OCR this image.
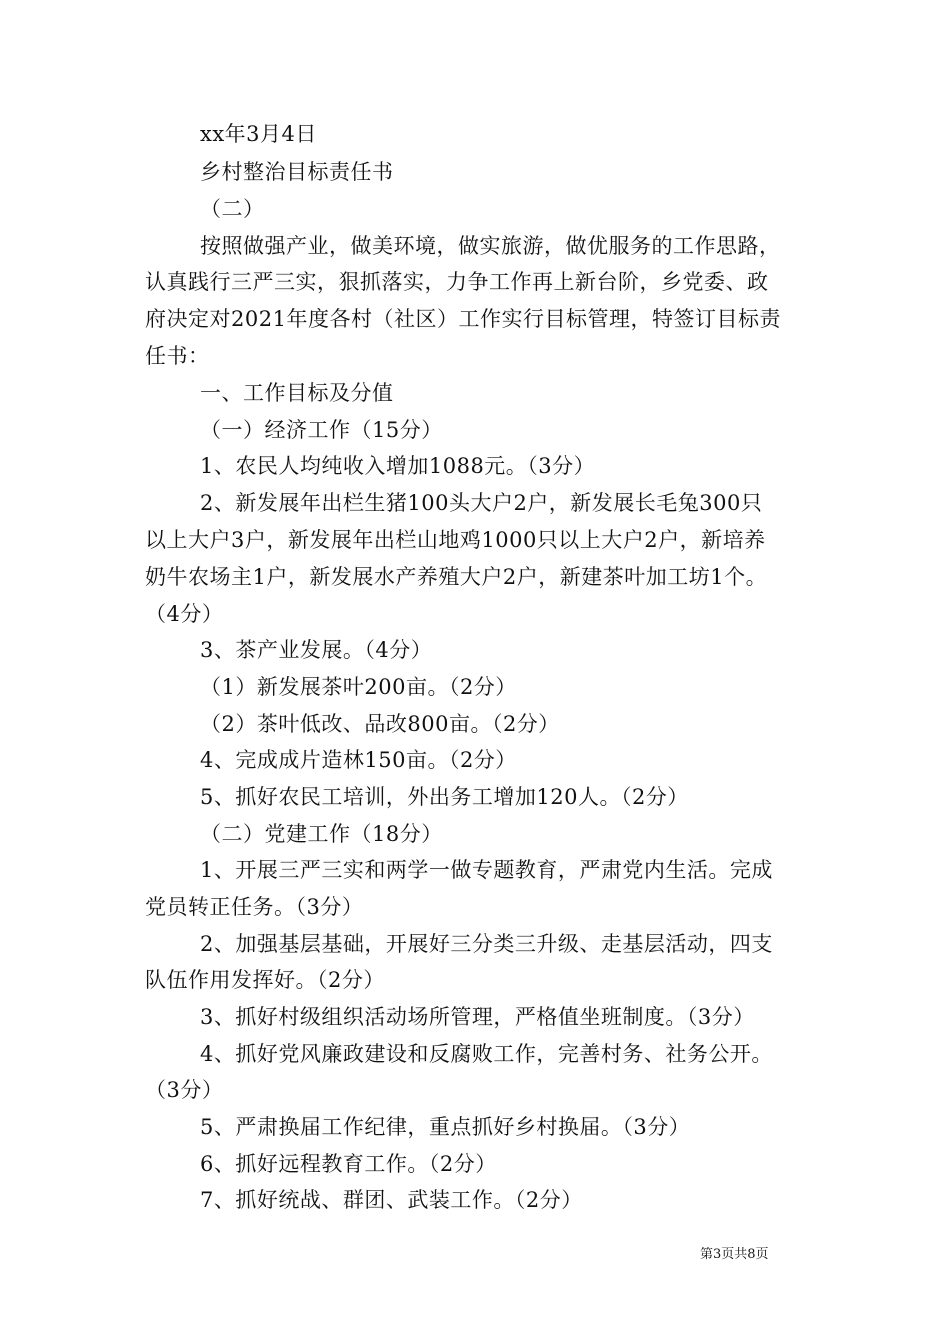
xx年3月4日
乡村整治目标责任书
（二）
按照做强产业，做美环境，做实旅游，做优服务的工作思路，
认真践行三严三实，狠抓落实，力争工作再上新台阶，乡党委、政
府决定对2021年度各村（社区）工作实行目标管理，特签订目标责
任书：
一、工作目标及分值
（一）经济工作（15分）
1、农民人均纯收入增加1088元。（3分）
2、新发展年出栏生猪100头大户2户，新发展长毛兔300只
以上大户3户，新发展年出栏山地鸡1000只以上大户2户，新培养
奶牛农场主1户，新发展水产养殖大户2户，新建茶叶加工坊1个。
（4分）
3、茶产业发展。（4分）
（1）新发展茶叶200亩。（2分）
（2）茶叶低改、品改800亩。（2分）
4、完成成片造林150亩。（2分）
5、抓好农民工培训，外出务工增加120人。（2分）
（二）党建工作（18分）
1、开展三严三实和两学一做专题教育，严肃党内生活。完成
党员转正任务。（3分）
2、加强基层基础，开展好三分类三升级、走基层活动，四支
队伍作用发挥好。（2分）
3、抓好村级组织活动场所管理，严格值坐班制度。（3分）
4、抓好党风廉政建设和反腐败工作，完善村务、社务公开。
（3分）
5、严肃换届工作纪律，重点抓好乡村换届。（3分）
6、抓好远程教育工作。（2分）
7、抓好统战、群团、武装工作。（2分）
第3页共8页
